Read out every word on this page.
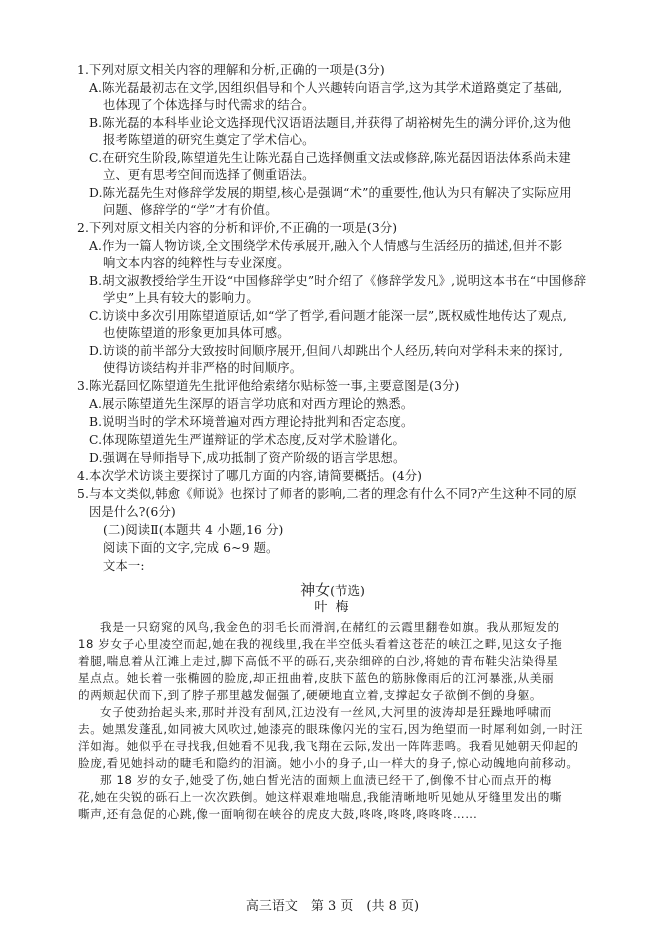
1.下列对原文相关内容的理解和分析,正确的一项是(3分)
A.陈光磊最初志在文学,因组织倡导和个人兴趣转向语言学,这为其学术道路奠定了基础,
也体现了个体选择与时代需求的结合。
B.陈光磊的本科毕业论文选择现代汉语语法题目,并获得了胡裕树先生的满分评价,这为他
报考陈望道的研究生奠定了学术信心。
C.在研究生阶段,陈望道先生让陈光磊自己选择侧重文法或修辞,陈光磊因语法体系尚未建
立、更有思考空间而选择了侧重语法。
D.陈光磊先生对修辞学发展的期望,核心是强调“术”的重要性,他认为只有解决了实际应用
问题、修辞学的“学”才有价值。
2.下列对原文相关内容的分析和评价,不正确的一项是(3分)
A.作为一篇人物访谈,全文围绕学术传承展开,融入个人情感与生活经历的描述,但并不影
响文本内容的纯粹性与专业深度。
B.胡文淑教授给学生开设“中国修辞学史”时介绍了《修辞学发凡》,说明这本书在“中国修辞
学史”上具有较大的影响力。
C.访谈中多次引用陈望道原话,如“学了哲学,看问题才能深一层”,既权威性地传达了观点,
也使陈望道的形象更加具体可感。
D.访谈的前半部分大致按时间顺序展开,但间八却跳出个人经历,转向对学科未来的探讨,
使得访谈结构并非严格的时间顺序。
3.陈光磊回忆陈望道先生批评他给索绪尔贴标签一事,主要意图是(3分)
A.展示陈望道先生深厚的语言学功底和对西方理论的熟悉。
B.说明当时的学术环境普遍对西方理论持批判和否定态度。
C.体现陈望道先生严谨辩证的学术态度,反对学术脸谱化。
D.强调在导师指导下,成功抵制了资产阶级的语言学思想。
4.本次学术访谈主要探讨了哪几方面的内容,请简要概括。(4分)
5.与本文类似,韩愈《师说》也探讨了师者的影响,二者的理念有什么不同?产生这种不同的原
因是什么?(6分)
(二)阅读Ⅱ(本题共 4 小题,16 分)
阅读下面的文字,完成 6~9 题。
文本一:
神女(节选)
叶 梅
我是一只窈窕的风鸟,我金色的羽毛长而滑润,在赭红的云霞里翻卷如旗。我从那短发的
18 岁女子心里凌空而起,她在我的视线里,我在半空低头看着这苍茫的峡江之畔,见这女子拖
着腿,喘息着从江滩上走过,脚下高低不平的砾石,夹杂细碎的白沙,将她的青布鞋尖沾染得星
星点点。她长着一张椭圆的脸庞,却正扭曲着,皮肤下蓝色的筋脉像雨后的江河暴涨,从美丽
的两颊起伏而下,到了脖子那里越发倔强了,硬硬地直立着,支撑起女子欲倒不倒的身躯。
女子使劲抬起头来,那时并没有刮风,江边没有一丝风,大河里的波涛却是狂躁地呼啸而
去。她黑发蓬乱,如同被大风吹过,她漆亮的眼珠像闪光的宝石,因为绝望而一时犀利如剑,一时汪
洋如海。她似乎在寻找我,但她看不见我,我飞翔在云际,发出一阵阵悲鸣。我看见她朝天仰起的
脸庞,看见她抖动的睫毛和隐约的泪滴。她小小的身子,山一样大的身子,惊心动魄地向前移动。
那 18 岁的女子,她受了伤,她白皙光洁的面颊上血渍已经干了,倒像不甘心而点开的梅
花,她在尖锐的砾石上一次次跌倒。她这样艰难地喘息,我能清晰地听见她从牙缝里发出的嘶
嘶声,还有急促的心跳,像一面响彻在峡谷的虎皮大鼓,咚咚,咚咚,咚咚咚……
高三语文　第 3 页　(共 8 页)
